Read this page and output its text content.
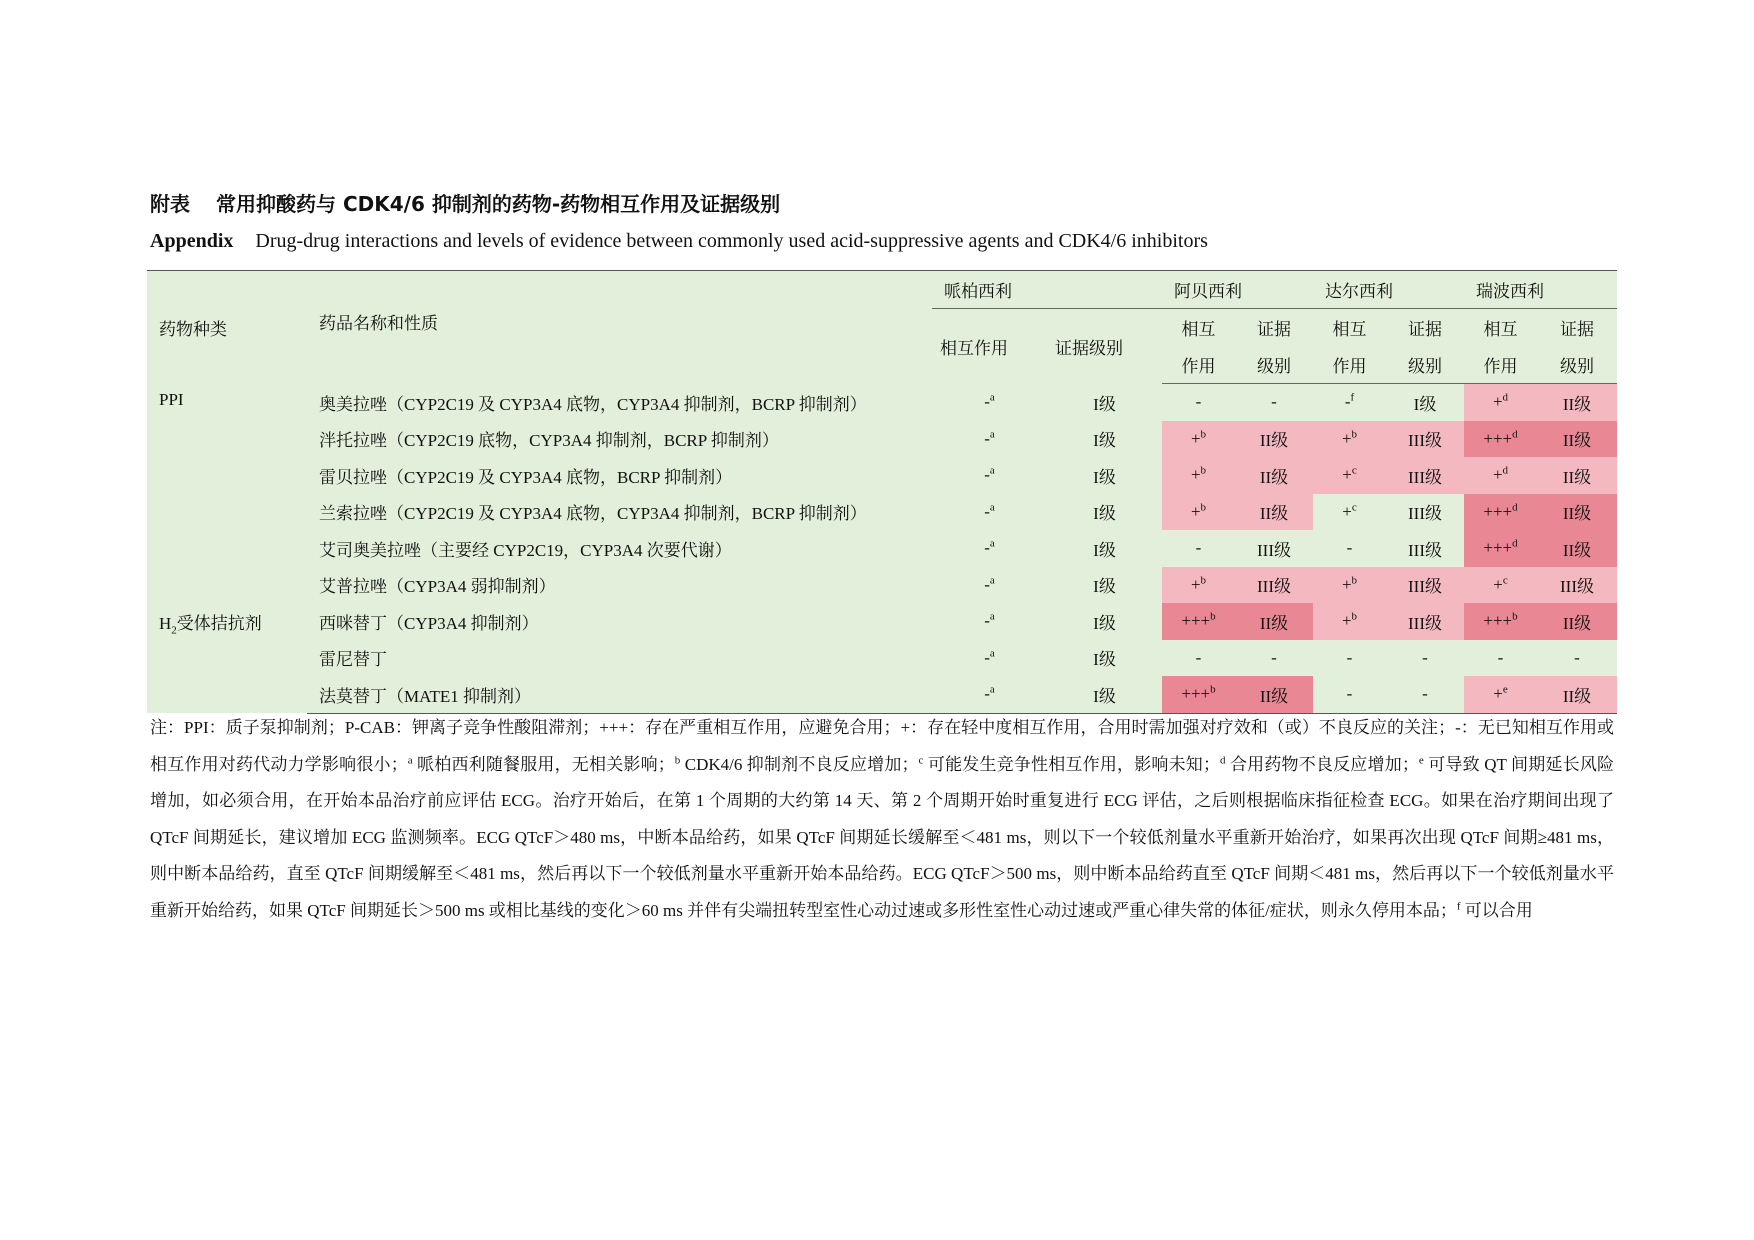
附表 常用抑酸药与 CDK4/6 抑制剂的药物-药物相互作用及证据级别
Appendix Drug-drug interactions and levels of evidence between commonly used acid-suppressive agents and CDK4/6 inhibitors
药物种类	药品名称和性质	哌柏西利		阿贝西利		达尔西利		瑞波西利	
		相互作用	证据级别	相互	证据	相互	证据	相互	证据
				作用	级别	作用	级别	作用	级别
PPI	奥美拉唑（CYP2C19 及 CYP3A4 底物，CYP3A4 抑制剂，BCRP 抑制剂）	-$^a$	I级	-	-	-$^f$	I级	+$^d$	II级
	泮托拉唑（CYP2C19 底物，CYP3A4 抑制剂，BCRP 抑制剂）	-$^a$	I级	+$^b$	II级	+$^b$	III级	+++$^d$	II级
	雷贝拉唑（CYP2C19 及 CYP3A4 底物，BCRP 抑制剂）	-$^a$	I级	+$^b$	II级	+$^c$	III级	+$^d$	II级
	兰索拉唑（CYP2C19 及 CYP3A4 底物，CYP3A4 抑制剂，BCRP 抑制剂）	-$^a$	I级	+$^b$	II级	+$^c$	III级	+++$^d$	II级
	艾司奥美拉唑（主要经 CYP2C19，CYP3A4 次要代谢）	-$^a$	I级	-	III级	-	III级	+++$^d$	II级
$H_2$受体拮抗剂	艾普拉唑（CYP3A4 弱抑制剂）	-$^a$	I级	+$^b$	III级	+$^b$	III级	+$^c$	III级
	西咪替丁（CYP3A4 抑制剂）	-$^a$	I级	+++$^b$	II级	+$^b$	III级	+++$^b$	II级
	雷尼替丁	-$^a$	I级	-	-	-	-	-	-
	法莫替丁（MATE1 抑制剂）	-$^a$	I级	+++$^b$	II级	-	-	+$^e$	II级
注：PPI：质子泵抑制剂；P-CAB：钾离子竞争性酸阻滞剂；+++：存在严重相互作用，应避免合用；+：存在轻中度相互作用，合用时需加强对疗效和（或）不良反应的关注；-：无已知相互作用或相互作用对药代动力学影响很小；$^a$ 哌柏西利随餐服用，无相关影响；$^b$ CDK4/6 抑制剂不良反应增加；$^c$ 可能发生竞争性相互作用，影响未知；$^d$ 合用药物不良反应增加；$^e$ 可导致 QT 间期延长风险增加，如必须合用，在开始本品治疗前应评估 ECG。治疗开始后，在第 1 个周期的大约第 14 天、第 2 个周期开始时重复进行 ECG 评估，之后则根据临床指征检查 ECG。如果在治疗期间出现了 QTcF 间期延长，建议增加 ECG 监测频率。ECG QTcF＞480 ms，中断本品给药，如果 QTcF 间期延长缓解至＜481 ms，则以下一个较低剂量水平重新开始治疗，如果再次出现 QTcF 间期≥481 ms，则中断本品给药，直至 QTcF 间期缓解至＜481 ms，然后再以下一个较低剂量水平重新开始本品给药。ECG QTcF＞500 ms，则中断本品给药直至 QTcF 间期＜481 ms，然后再以下一个较低剂量水平重新开始给药，如果 QTcF 间期延长＞500 ms 或相比基线的变化＞60 ms 并伴有尖端扭转型室性心动过速或多形性室性心动过速或严重心律失常的体征/症状，则永久停用本品；$^f$ 可以合用
